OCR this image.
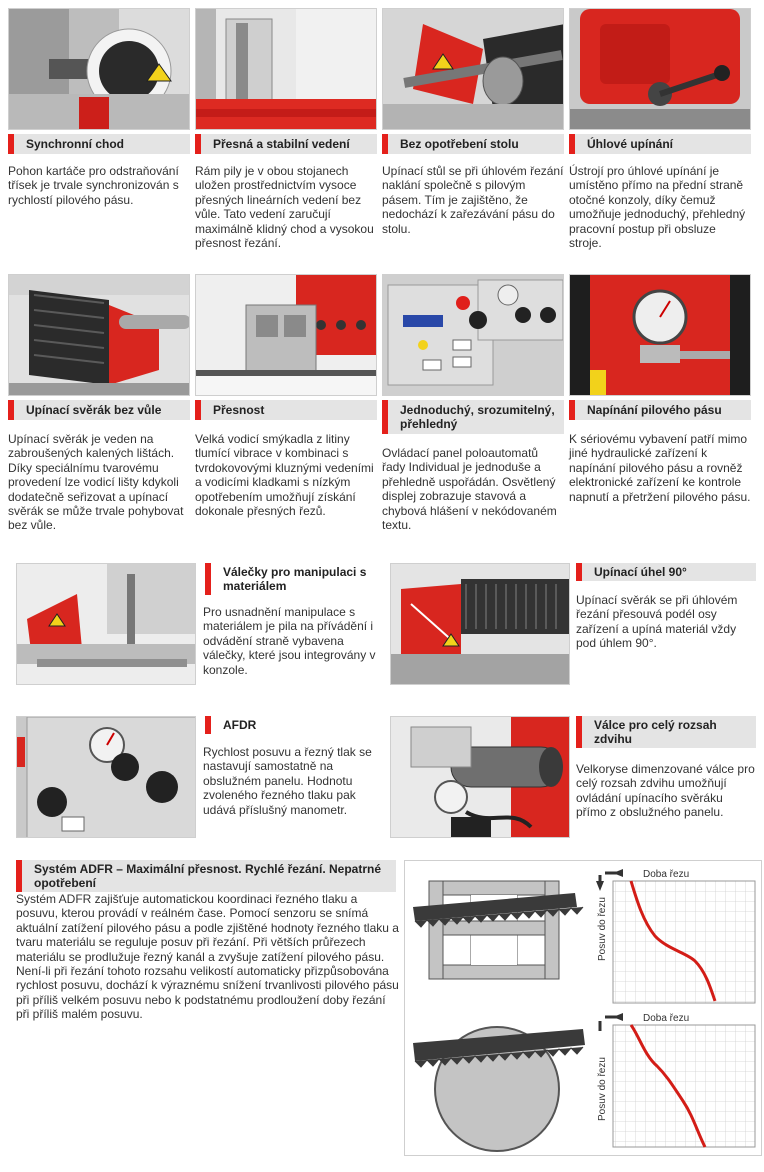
Synchronní chod
Pohon kartáče pro odstraňování třísek je trvale synchronizován s rychlostí pilového pásu.
Přesná a stabilní vedení
Rám pily je v obou stojanech uložen prostřednictvím vysoce přesných lineárních vedení bez vůle. Tato vedení zaručují maximálně klidný chod a vysokou přesnost řezání.
Bez opotřebení stolu
Upínací stůl se při úhlovém řezání naklání společně s pilovým pásem. Tím je zajištěno, že nedochází k zařezávání pásu do stolu.
Úhlové upínání
Ústrojí pro úhlové upínání je umístěno přímo na přední straně otočné konzoly, díky čemuž umožňuje jednoduchý, přehledný pracovní postup při obsluze stroje.
Upínací svěrák bez vůle
Upínací svěrák je veden na zabroušených kalených lištách. Díky speciálnímu tvarovému provedení lze vodicí lišty kdykoli dodatečně seřizovat a upínací svěrák se může trvale pohybovat bez vůle.
Přesnost
Velká vodicí smýkadla z litiny tlumící vibrace v kombinaci s tvrdokovovými kluznými vedeními a vodicími kladkami s nízkým opotřebením umožňují získání dokonale přesných řezů.
Jednoduchý, srozumitelný, přehledný
Ovládací panel poloautomatů řady Individual je jednoduše a přehledně uspořádán. Osvětlený displej zobrazuje stavová a chybová hlášení v nekódovaném textu.
Napínání pilového pásu
K sériovému vybavení patří mimo jiné hydraulické zařízení k napínání pilového pásu a rovněž elektronické zařízení ke kontrole napnutí a přetržení pilového pásu.
Válečky pro manipulaci s materiálem
Pro usnadnění manipulace s materiálem je pila na přívádění i odvádění straně vybavena válečky, které jsou integrovány v konzole.
Upínací úhel 90°
Upínací svěrák se při úhlovém řezání přesouvá podél osy zařízení a upíná materiál vždy pod úhlem 90°.
AFDR
Rychlost posuvu a řezný tlak se nastavují samostatně na obslužném panelu. Hodnotu zvoleného řezného tlaku pak udává příslušný manometr.
Válce pro celý rozsah zdvihu
Velkoryse dimenzované válce pro celý rozsah zdvihu umožňují ovládání upínacího svěráku přímo z obslužného panelu.
Systém ADFR – Maximální přesnost. Rychlé řezání. Nepatrné opotřebení
Systém ADFR zajišťuje automatickou koordinaci řezného tlaku a posuvu, kterou provádí v reálném čase. Pomocí senzoru se snímá aktuální zatížení pilového pásu a podle zjištěné hodnoty řezného tlaku a tvaru materiálu se reguluje posuv při řezání. Při větších průřezech materiálu se prodlužuje řezný kanál a zvyšuje zatížení pilového pásu. Není-li při řezání tohoto rozsahu velikostí automaticky přizpůsobována rychlost posuvu, dochází k výraznému snížení trvanlivosti pilového pásu při příliš velkém posuvu nebo k podstatnému prodloužení doby řezání při příliš malém posuvu.
Doba řezu
Posuv do řezu
Doba řezu
Posuv do řezu
